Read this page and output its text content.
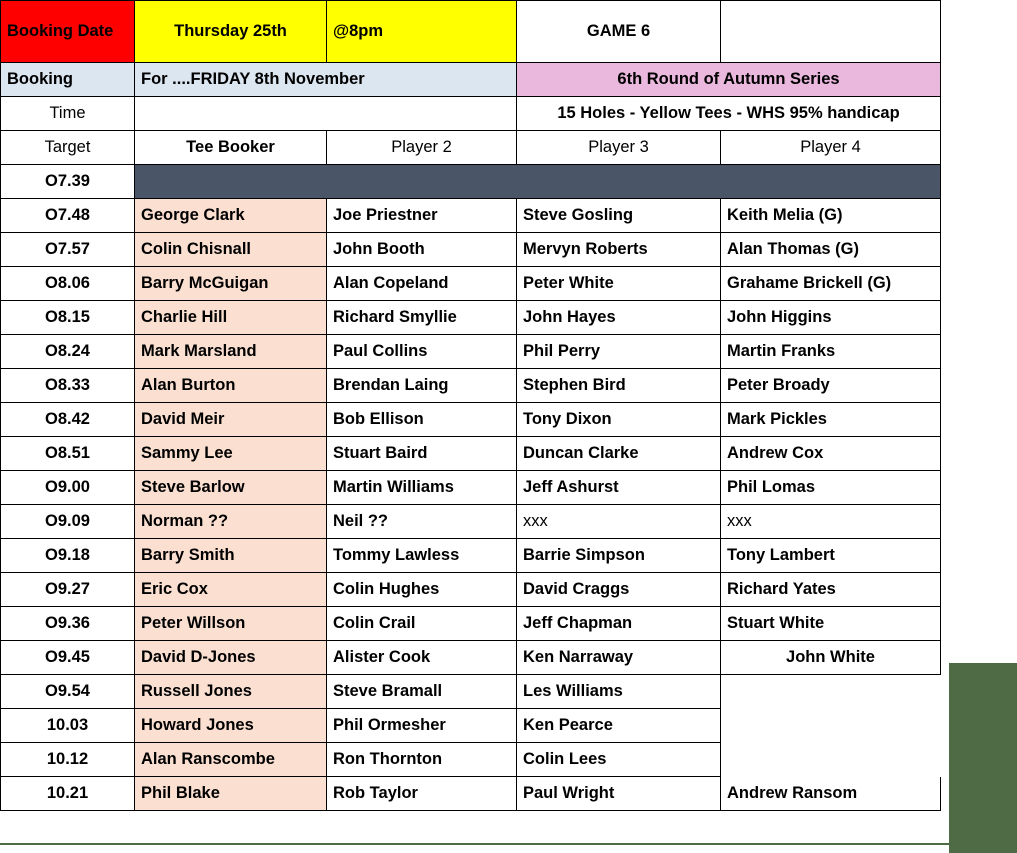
Booking Date	Thursday 25th	@8pm	GAME 6	
Booking	For ....FRIDAY 8th November		6th Round of Autumn Series	
Time			15 Holes - Yellow Tees - WHS 95% handicap	
Target	Tee Booker	Player 2	Player 3	Player 4
O7.39				
O7.48	George Clark	Joe Priestner	Steve Gosling	Keith Melia (G)
O7.57	Colin Chisnall	John Booth	Mervyn Roberts	Alan Thomas (G)
O8.06	Barry McGuigan	Alan Copeland	Peter White	Grahame Brickell (G)
O8.15	Charlie Hill	Richard Smyllie	John Hayes	John Higgins
O8.24	Mark Marsland	Paul Collins	Phil Perry	Martin Franks
O8.33	Alan Burton	Brendan Laing	Stephen Bird	Peter Broady
O8.42	David Meir	Bob Ellison	Tony Dixon	Mark Pickles
O8.51	Sammy Lee	Stuart Baird	Duncan Clarke	Andrew Cox
O9.00	Steve Barlow	Martin Williams	Jeff Ashurst	Phil Lomas
O9.09	Norman ??	Neil ??	xxx	xxx
O9.18	Barry Smith	Tommy Lawless	Barrie Simpson	Tony Lambert
O9.27	Eric Cox	Colin Hughes	David Craggs	Richard Yates
O9.36	Peter Willson	Colin Crail	Jeff Chapman	Stuart White
O9.45	David D-Jones	Alister Cook	Ken Narraway	John White
O9.54	Russell Jones	Steve Bramall	Les Williams	
10.03	Howard Jones	Phil Ormesher	Ken Pearce	
10.12	Alan Ranscombe	Ron Thornton	Colin Lees	
10.21	Phil Blake	Rob Taylor	Paul Wright	Andrew Ransom
